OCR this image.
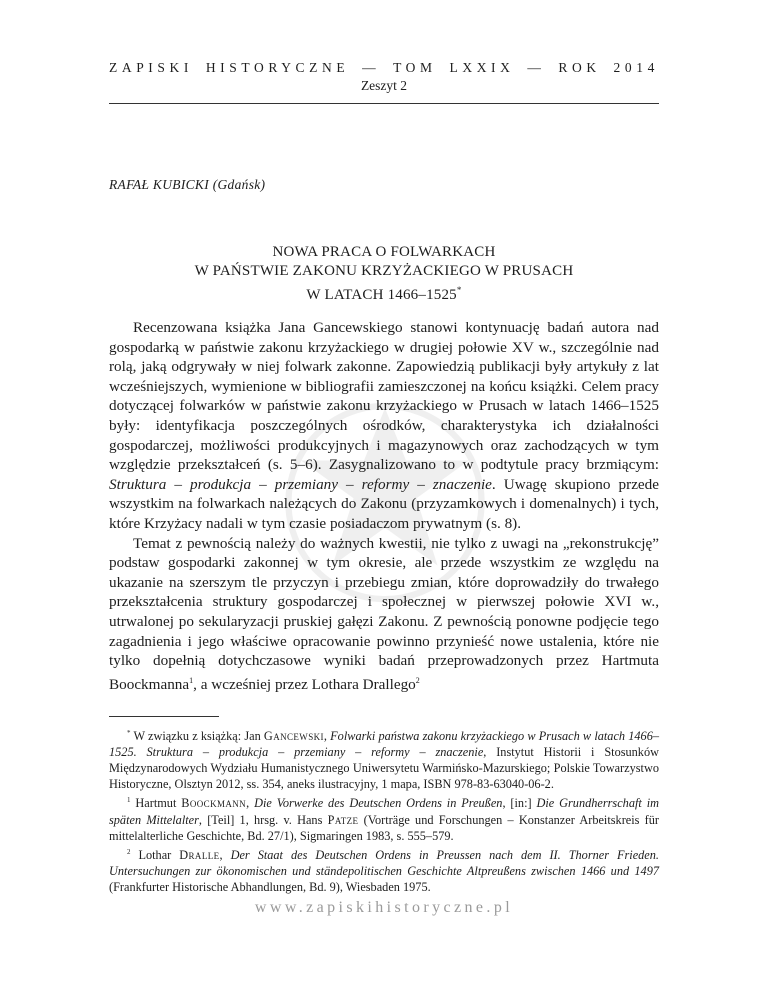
ZAPISKI HISTORYCZNE — TOM LXXIX — ROK 2014
Zeszyt 2
RAFAŁ KUBICKI (Gdańsk)
NOWA PRACA O FOLWARKACH
W PAŃSTWIE ZAKONU KRZYŻACKIEGO W PRUSACH
W LATACH 1466–1525*

Recenzowana książka Jana Gancewskiego stanowi kontynuację badań autora nad gospodarką w państwie zakonu krzyżackiego w drugiej połowie XV w., szczególnie nad rolą, jaką odgrywały w niej folwark zakonne. Zapowiedzią publikacji były artykuły z lat wcześniejszych, wymienione w bibliografii zamieszczonej na końcu książki. Celem pracy dotyczącej folwarków w państwie zakonu krzyżackiego w Prusach w latach 1466–1525 były: identyfikacja poszczególnych ośrodków, charakterystyka ich działalności gospodarczej, możliwości produkcyjnych i magazynowych oraz zachodzących w tym względzie przekształceń (s. 5–6). Zasygnalizowano to w podtytule pracy brzmiącym: Struktura – produkcja – przemiany – reformy – znaczenie. Uwagę skupiono przede wszystkim na folwarkach należących do Zakonu (przyzamkowych i domenalnych) i tych, które Krzyżacy nadali w tym czasie posiadaczom prywatnym (s. 8).

Temat z pewnością należy do ważnych kwestii, nie tylko z uwagi na „rekonstrukcję” podstaw gospodarki zakonnej w tym okresie, ale przede wszystkim ze względu na ukazanie na szerszym tle przyczyn i przebiegu zmian, które doprowadziły do trwałego przekształcenia struktury gospodarczej i społecznej w pierwszej połowie XVI w., utrwalonej po sekularyzacji pruskiej gałęzi Zakonu. Z pewnością ponowne podjęcie tego zagadnienia i jego właściwe opracowanie powinno przynieść nowe ustalenia, które nie tylko dopełnią dotychczasowe wyniki badań przeprowadzonych przez Hartmuta Boockmanna$^1$, a wcześniej przez Lothara Drallego$^2$

* W związku z książką: Jan Gancewski, Folwarki państwa zakonu krzyżackiego w Prusach w latach 1466–1525. Struktura – produkcja – przemiany – reformy – znaczenie, Instytut Historii i Stosunków Międzynarodowych Wydziału Humanistycznego Uniwersytetu Warmińsko-Mazurskiego; Polskie Towarzystwo Historyczne, Olsztyn 2012, ss. 354, aneks ilustracyjny, 1 mapa, ISBN 978-83-63040-06-2.

$^1$ Hartmut Boockmann, Die Vorwerke des Deutschen Ordens in Preußen, [in:] Die Grundherrschaft im späten Mittelalter, [Teil] 1, hrsg. v. Hans Patze (Vorträge und Forschungen – Konstanzer Arbeitskreis für mittelalterliche Geschichte, Bd. 27/1), Sigmaringen 1983, s. 555–579.

$^2$ Lothar Dralle, Der Staat des Deutschen Ordens in Preussen nach dem II. Thorner Frieden. Untersuchungen zur ökonomischen und ständepolitischen Geschichte Altpreußens zwischen 1466 und 1497 (Frankfurter Historische Abhandlungen, Bd. 9), Wiesbaden 1975.

www.zapiskihistoryczne.pl
